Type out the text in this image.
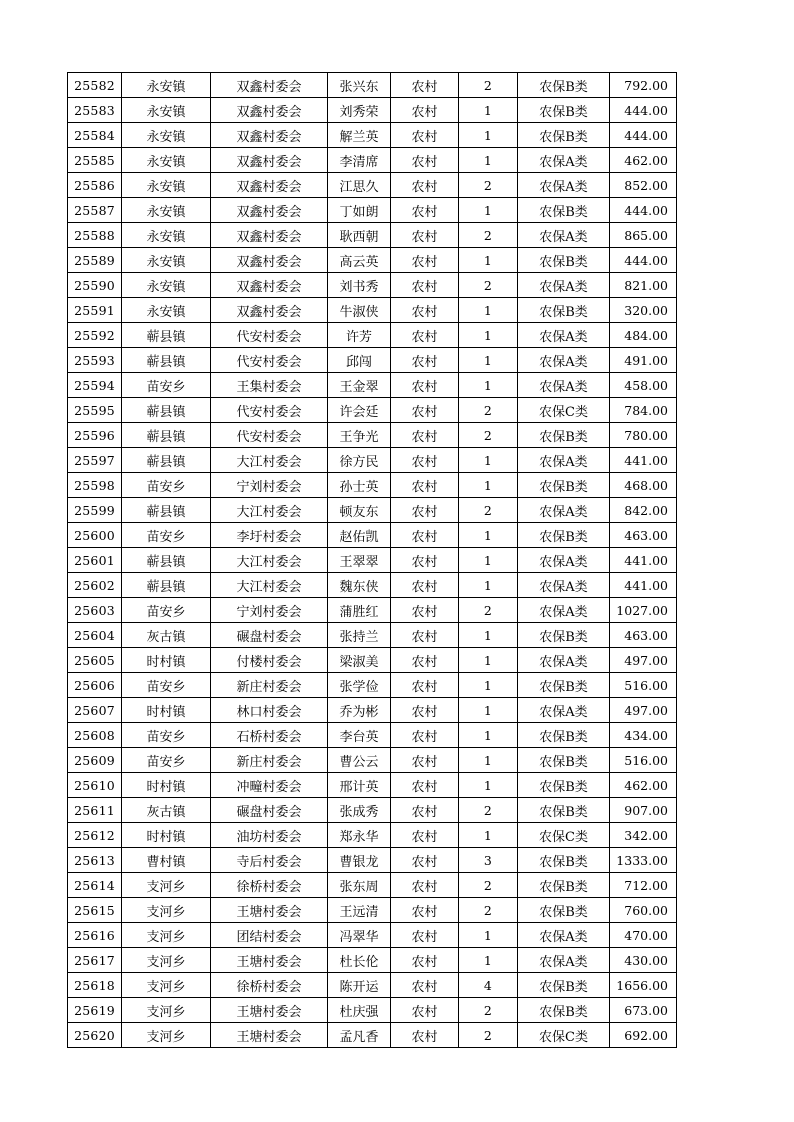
25582	永安镇	双鑫村委会	张兴东	农村	2	农保B类	792.00
25583	永安镇	双鑫村委会	刘秀荣	农村	1	农保B类	444.00
25584	永安镇	双鑫村委会	解兰英	农村	1	农保B类	444.00
25585	永安镇	双鑫村委会	李清席	农村	1	农保A类	462.00
25586	永安镇	双鑫村委会	江思久	农村	2	农保A类	852.00
25587	永安镇	双鑫村委会	丁如朗	农村	1	农保B类	444.00
25588	永安镇	双鑫村委会	耿西朝	农村	2	农保A类	865.00
25589	永安镇	双鑫村委会	高云英	农村	1	农保B类	444.00
25590	永安镇	双鑫村委会	刘书秀	农村	2	农保A类	821.00
25591	永安镇	双鑫村委会	牛淑侠	农村	1	农保B类	320.00
25592	蕲县镇	代安村委会	许芳	农村	1	农保A类	484.00
25593	蕲县镇	代安村委会	邱闯	农村	1	农保A类	491.00
25594	苗安乡	王集村委会	王金翠	农村	1	农保A类	458.00
25595	蕲县镇	代安村委会	许会廷	农村	2	农保C类	784.00
25596	蕲县镇	代安村委会	王争光	农村	2	农保B类	780.00
25597	蕲县镇	大江村委会	徐方民	农村	1	农保A类	441.00
25598	苗安乡	宁刘村委会	孙士英	农村	1	农保B类	468.00
25599	蕲县镇	大江村委会	顿友东	农村	2	农保A类	842.00
25600	苗安乡	李圩村委会	赵佑凯	农村	1	农保B类	463.00
25601	蕲县镇	大江村委会	王翠翠	农村	1	农保A类	441.00
25602	蕲县镇	大江村委会	魏东侠	农村	1	农保A类	441.00
25603	苗安乡	宁刘村委会	蒲胜红	农村	2	农保A类	1027.00
25604	灰古镇	碾盘村委会	张持兰	农村	1	农保B类	463.00
25605	时村镇	付楼村委会	梁淑美	农村	1	农保A类	497.00
25606	苗安乡	新庄村委会	张学俭	农村	1	农保B类	516.00
25607	时村镇	林口村委会	乔为彬	农村	1	农保A类	497.00
25608	苗安乡	石桥村委会	李台英	农村	1	农保B类	434.00
25609	苗安乡	新庄村委会	曹公云	农村	1	农保B类	516.00
25610	时村镇	冲疃村委会	邢计英	农村	1	农保B类	462.00
25611	灰古镇	碾盘村委会	张成秀	农村	2	农保B类	907.00
25612	时村镇	油坊村委会	郑永华	农村	1	农保C类	342.00
25613	曹村镇	寺后村委会	曹银龙	农村	3	农保B类	1333.00
25614	支河乡	徐桥村委会	张东周	农村	2	农保B类	712.00
25615	支河乡	王塘村委会	王远清	农村	2	农保B类	760.00
25616	支河乡	团结村委会	冯翠华	农村	1	农保A类	470.00
25617	支河乡	王塘村委会	杜长伦	农村	1	农保A类	430.00
25618	支河乡	徐桥村委会	陈开运	农村	4	农保B类	1656.00
25619	支河乡	王塘村委会	杜庆强	农村	2	农保B类	673.00
25620	支河乡	王塘村委会	孟凡香	农村	2	农保C类	692.00
